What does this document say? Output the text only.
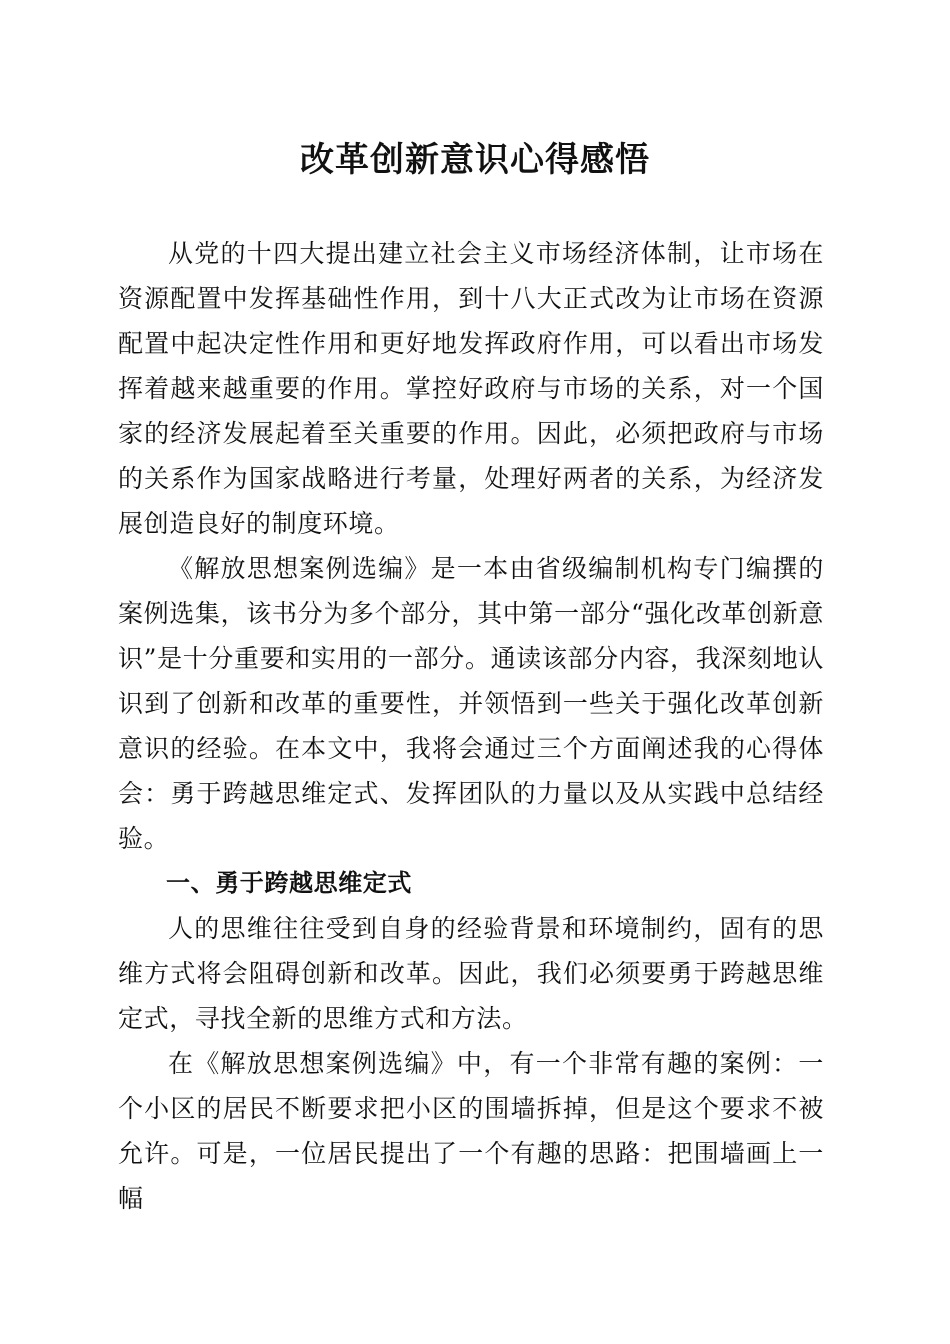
改革创新意识心得感悟

从党的十四大提出建立社会主义市场经济体制，让市场在资源配置中发挥基础性作用，到十八大正式改为让市场在资源配置中起决定性作用和更好地发挥政府作用，可以看出市场发挥着越来越重要的作用。掌控好政府与市场的关系，对一个国家的经济发展起着至关重要的作用。因此，必须把政府与市场的关系作为国家战略进行考量，处理好两者的关系，为经济发展创造良好的制度环境。

《解放思想案例选编》是一本由省级编制机构专门编撰的案例选集，该书分为多个部分，其中第一部分“强化改革创新意识”是十分重要和实用的一部分。通读该部分内容，我深刻地认识到了创新和改革的重要性，并领悟到一些关于强化改革创新意识的经验。在本文中，我将会通过三个方面阐述我的心得体会：勇于跨越思维定式、发挥团队的力量以及从实践中总结经验。

一、勇于跨越思维定式

人的思维往往受到自身的经验背景和环境制约，固有的思维方式将会阻碍创新和改革。因此，我们必须要勇于跨越思维定式，寻找全新的思维方式和方法。

在《解放思想案例选编》中，有一个非常有趣的案例：一个小区的居民不断要求把小区的围墙拆掉，但是这个要求不被允许。可是，一位居民提出了一个有趣的思路：把围墙画上一幅
